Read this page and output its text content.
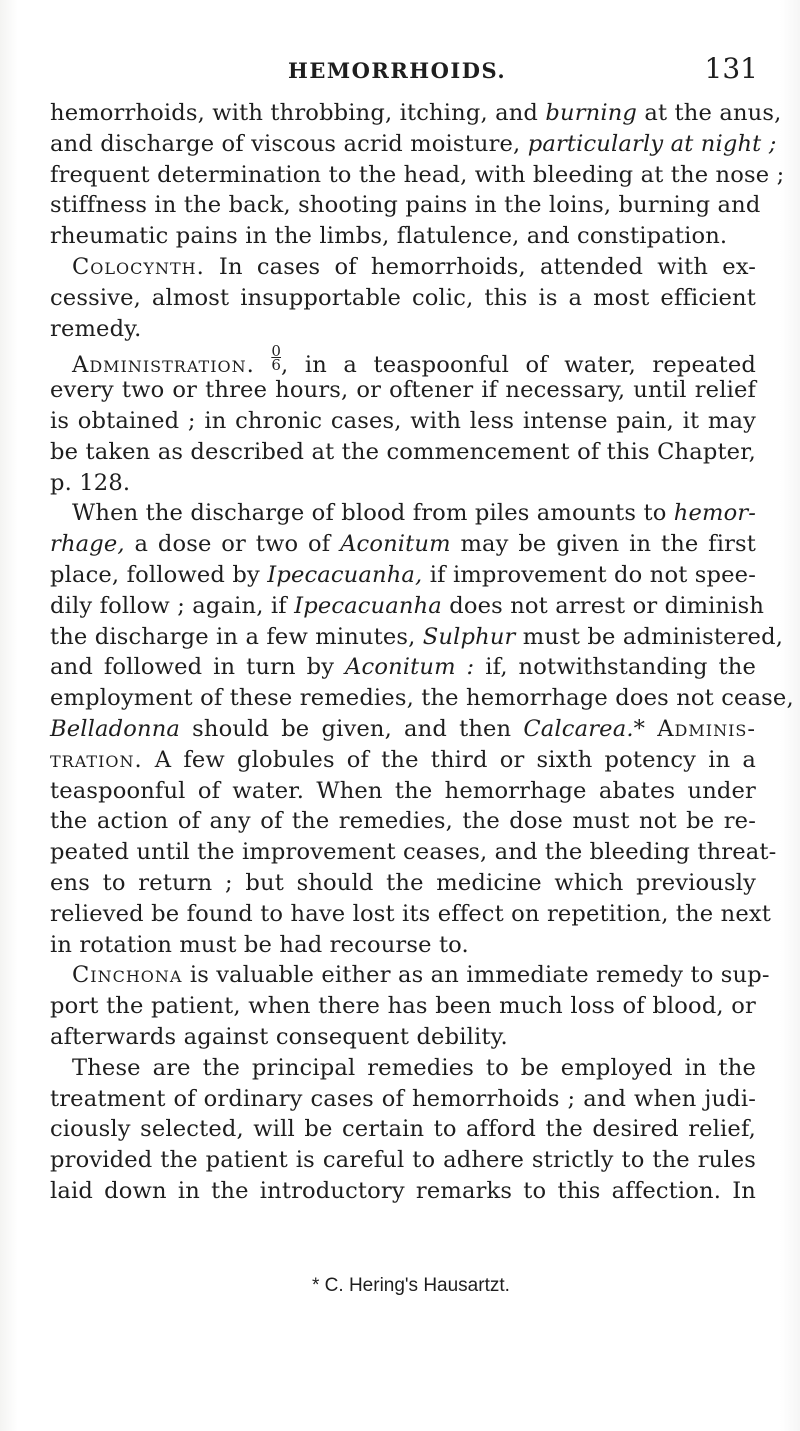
HEMORRHOIDS.	131
hemorrhoids, with throbbing, itching, and burning at the anus,
and discharge of viscous acrid moisture, particularly at night ;
frequent determination to the head, with bleeding at the nose ;
stiffness in the back, shooting pains in the loins, burning and
rheumatic pains in the limbs, flatulence, and constipation.
Colocynth. In cases of hemorrhoids, attended with ex-
cessive, almost insupportable colic, this is a most efficient
remedy.
Administration. $\frac{0}{6}$ , in a teaspoonful of water, repeated
every two or three hours, or oftener if necessary, until relief
is obtained ; in chronic cases, with less intense pain, it may
be taken as described at the commencement of this Chapter,
p. 128.
When the discharge of blood from piles amounts to hemor-
rhage, a dose or two of Aconitum may be given in the first
place, followed by Ipecacuanha, if improvement do not spee-
dily follow ; again, if Ipecacuanha does not arrest or diminish
the discharge in a few minutes, Sulphur must be administered,
and followed in turn by Aconitum : if, notwithstanding the
employment of these remedies, the hemorrhage does not cease,
Belladonna should be given, and then Calcarea.* Adminis-
tration. A few globules of the third or sixth potency in a
teaspoonful of water. When the hemorrhage abates under
the action of any of the remedies, the dose must not be re-
peated until the improvement ceases, and the bleeding threat-
ens to return ; but should the medicine which previously
relieved be found to have lost its effect on repetition, the next
in rotation must be had recourse to.
Cinchona is valuable either as an immediate remedy to sup-
port the patient, when there has been much loss of blood, or
afterwards against consequent debility.
These are the principal remedies to be employed in the
treatment of ordinary cases of hemorrhoids ; and when judi-
ciously selected, will be certain to afford the desired relief,
provided the patient is careful to adhere strictly to the rules
laid down in the introductory remarks to this affection. In
* C. Hering's Hausartzt.
